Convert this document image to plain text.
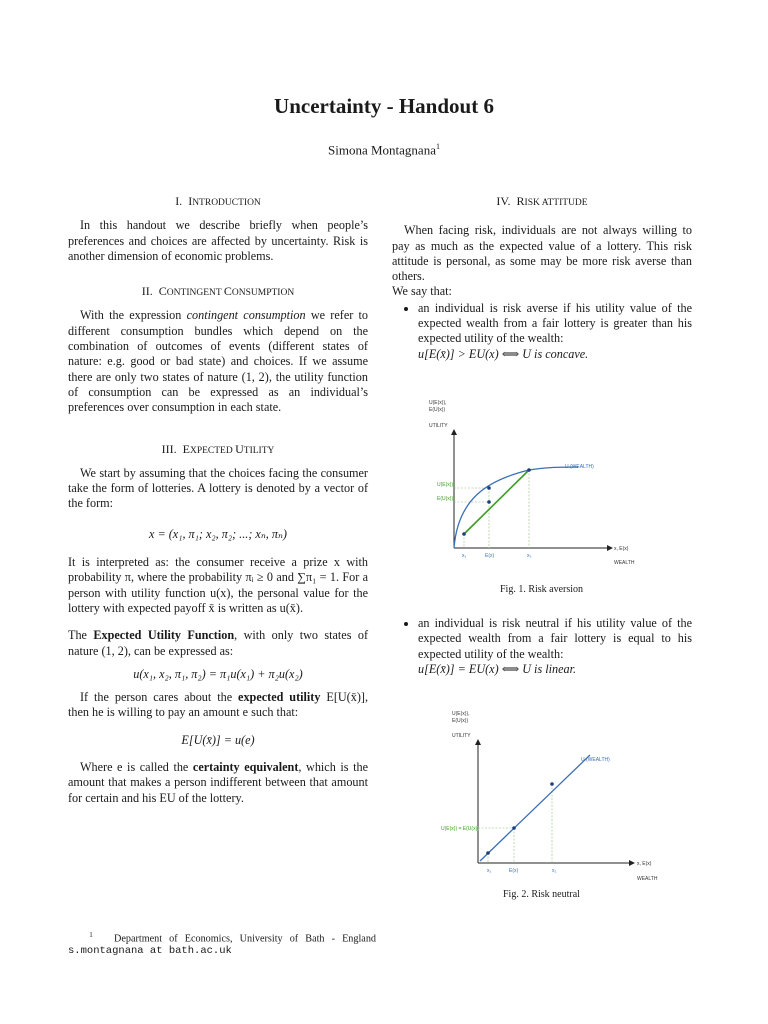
Uncertainty - Handout 6
Simona Montagnana$^1$
I. INTRODUCTION

In this handout we describe briefly when people’s preferences and choices are affected by uncertainty. Risk is another dimension of economic problems.

II. CONTINGENT CONSUMPTION

With the expression contingent consumption we refer to different consumption bundles which depend on the combination of outcomes of events (different states of nature: e.g. good or bad state) and choices. If we assume there are only two states of nature (1, 2), the utility function of consumption can be expressed as an individual’s preferences over consumption in each state.

III. EXPECTED UTILITY

We start by assuming that the choices facing the consumer take the form of lotteries. A lottery is denoted by a vector of the form:

x = (x₁, π₁; x₂, π₂; ...; xₙ, πₙ)

It is interpreted as: the consumer receive a prize x with probability π, where the probability πᵢ ≥ 0 and ∑π₁ = 1. For a person with utility function u(x), the personal value for the lottery with expected payoff x̄ is written as u(x̄).

The Expected Utility Function, with only two states of nature (1, 2), can be expressed as:

u(x₁, x₂, π₁, π₂) = π₁u(x₁) + π₂u(x₂)

If the person cares about the expected utility E[U(x̄)], then he is willing to pay an amount e such that:

E[U(x̄)] = u(e)

Where e is called the certainty equivalent, which is the amount that makes a person indifferent between that amount for certain and his EU of the lottery.

IV. RISK ATTITUDE

When facing risk, individuals are not always willing to pay as much as the expected value of a lottery. This risk attitude is personal, as some may be more risk averse than others.

We say that:

• an individual is risk averse if his utility value of the expected wealth from a fair lottery is greater than his expected utility of the wealth:
u[E(x̄)] > EU(x) ⟺ U is concave.
U(E(x)),
E(U(x))
UTILITY
U (WEALTH)
U(E(x))
E(U(x))
x₁	E(x)	x₂
x, E(x)
WEALTH
Fig. 1. Risk aversion
• an individual is risk neutral if his utility value of the expected wealth from a fair lottery is equal to his expected utility of the wealth:
u[E(x̄)] = EU(x) ⟺ U is linear.
U(E(x)),
E(U(x))
UTILITY
U (WEALTH)
U(E(x)) = E(U(x))
x₁	E(x)	x₂
x, E(x)
WEALTH
Fig. 2. Risk neutral
$^1$ Department of Economics, University of Bath - England
s.montagnana at bath.ac.uk
